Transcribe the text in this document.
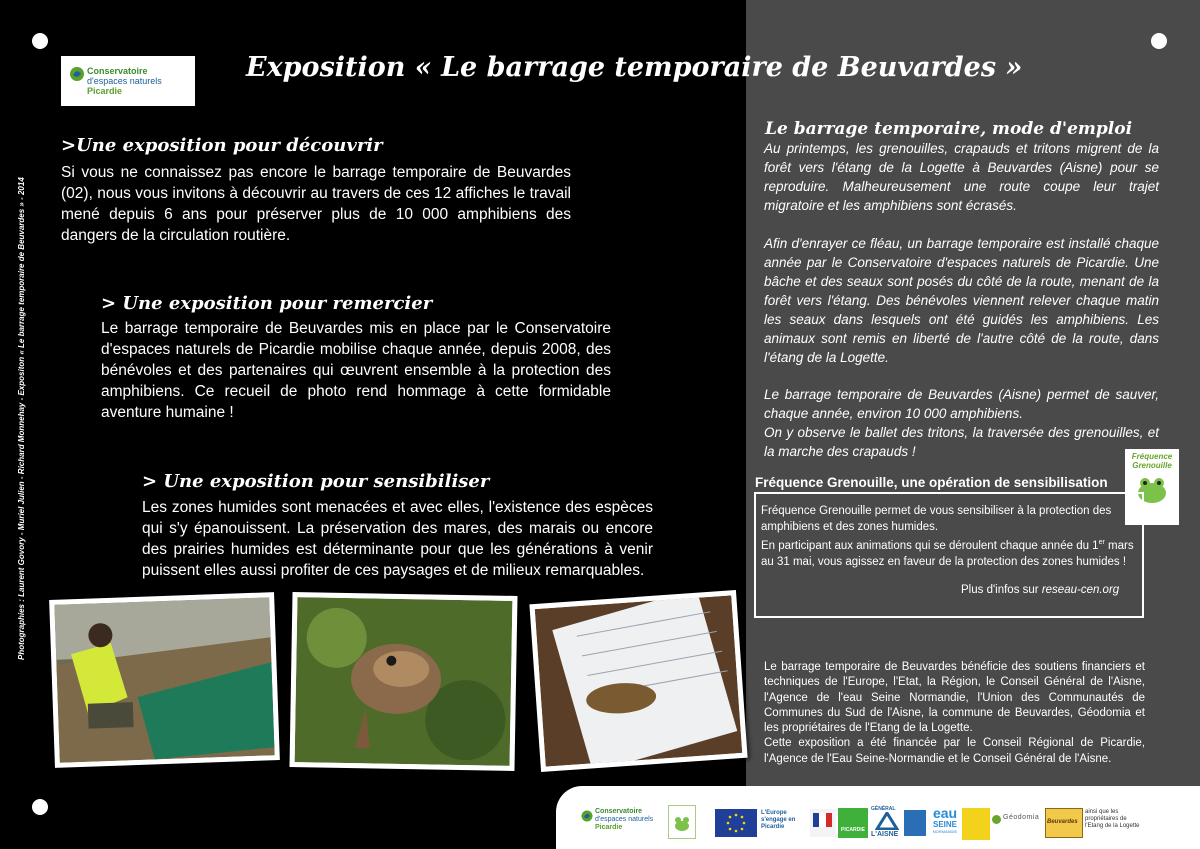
Conservatoire
d'espaces naturels
Picardie
Exposition « Le barrage temporaire de Beuvardes »
Photographies : Laurent Govory - Muriel Julien - Richard Monnehay - Expositon « Le barrage temporaire de Beuvardes » - 2014
>Une exposition pour découvrir
Si vous ne connaissez pas encore le barrage temporaire de Beuvardes (02), nous vous invitons à découvrir au travers de ces 12 affiches le travail mené depuis 6 ans pour préserver plus de 10 000 amphibiens des dangers de la circulation routière.
> Une exposition pour remercier
Le barrage temporaire de Beuvardes mis en place par le Conservatoire d'espaces naturels de Picardie mobilise chaque année, depuis 2008, des bénévoles et des partenaires qui œuvrent ensemble à la protection des amphibiens. Ce recueil de photo rend hommage à cette formidable aventure humaine !
> Une exposition pour sensibiliser
Les zones humides sont menacées et avec elles, l'existence des espèces qui s'y épanouissent. La préservation des mares, des marais ou encore des prairies humides est déterminante pour que les générations à venir puissent elles aussi profiter de ces paysages et de milieux remarquables.
Le barrage temporaire, mode d'emploi
Au printemps, les grenouilles, crapauds et tritons migrent de la forêt vers l'étang de la Logette à Beuvardes (Aisne) pour se reproduire. Malheureusement une route coupe leur trajet migratoire et les amphibiens sont écrasés.
Afin d'enrayer ce fléau, un barrage temporaire est installé chaque année par le Conservatoire d'espaces naturels de Picardie. Une bâche et des seaux sont posés du côté de la route, menant de la forêt vers l'étang. Des bénévoles viennent relever chaque matin les seaux dans lesquels ont été guidés les amphibiens. Les animaux sont remis en liberté de l'autre côté de la route, dans l'étang de la Logette.
Le barrage temporaire de Beuvardes (Aisne) permet de sauver, chaque année, environ 10 000 amphibiens.
On y observe le ballet des tritons, la traversée des grenouilles, et la marche des crapauds !	Fréquence Grenouille
Fréquence Grenouille, une opération de sensibilisation
Fréquence Grenouille permet de vous sensibiliser à la protection des amphibiens et des zones humides.
En participant aux animations qui se déroulent chaque année du 1er mars au 31 mai, vous agissez en faveur de la protection des zones humides !
Plus d'infos sur reseau-cen.org
Le barrage temporaire de Beuvardes bénéficie des soutiens financiers et techniques de l'Europe, l'Etat, la Région, le Conseil Général de l'Aisne, l'Agence de l'eau Seine Normandie, l'Union des Communautés de Communes du Sud de l'Aisne, la commune de Beuvardes, Géodomia et les propriétaires de l'Etang de la Logette.
Cette exposition a été financée par le Conseil Régional de Picardie, l'Agence de l'Eau Seine-Normandie et le Conseil Général de l'Aisne.
Conservatoire
d'espaces naturels
Picardie
L'Europe s'engage en Picardie	PICARDIE
GÉNÉRAL
L'AISNE
eau
SEINE
NORMANDIE
Géodomia
Beuvardes
ainsi que les propriétaires de l'Etang de la Logette
